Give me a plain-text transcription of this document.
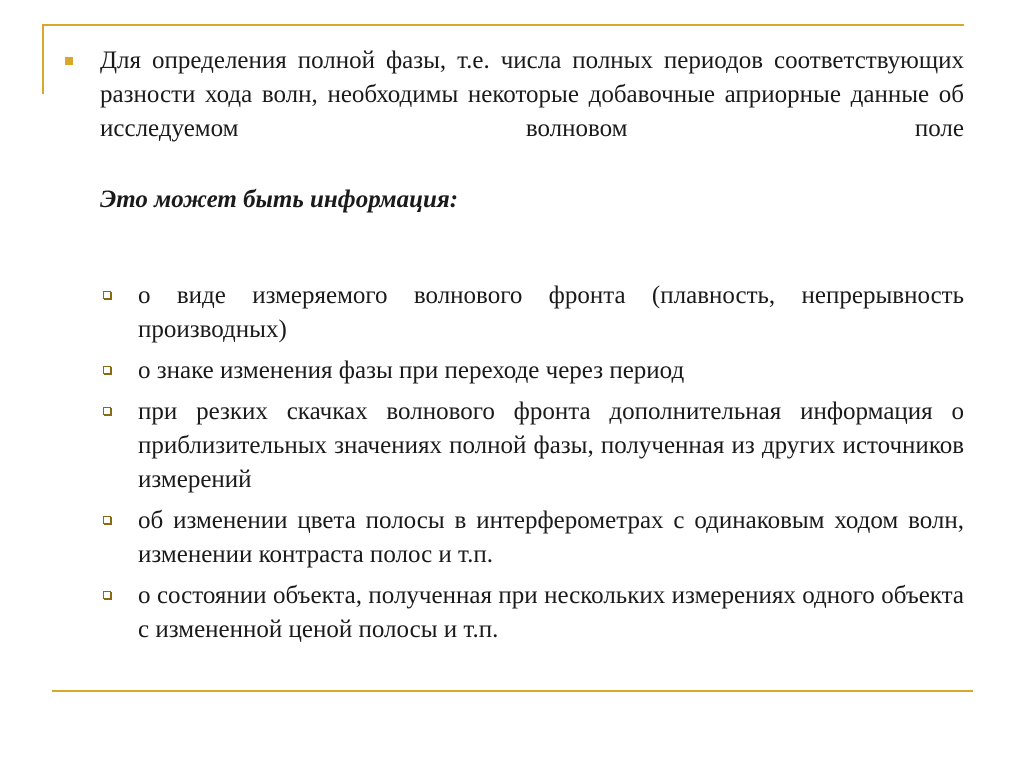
Для определения полной фазы, т.е. числа полных периодов соответствующих разности хода волн, необходимы некоторые добавочные априорные данные об исследуемом волновом поле
Это может быть информация:
о виде измеряемого волнового фронта (плавность, непрерывность производных)
о знаке изменения фазы при переходе через период
при резких скачках волнового фронта дополнительная информация о приблизительных значениях полной фазы, полученная из других источников измерений
об изменении цвета полосы в интерферометрах с одинаковым ходом волн, изменении контраста полос и т.п.
о состоянии объекта, полученная при нескольких измерениях одного объекта с измененной ценой полосы и т.п.
